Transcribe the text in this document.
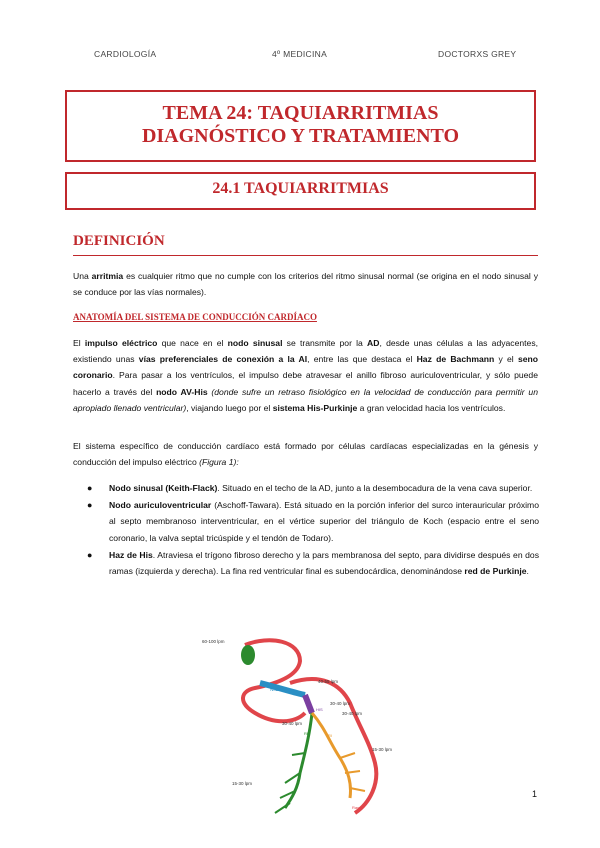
CARDIOLOGÍA	4º MEDICINA	DOCTORXS GREY
TEMA 24: TAQUIARRITMIAS
DIAGNÓSTICO Y TRATAMIENTO
24.1 TAQUIARRITMIAS
DEFINICIÓN
Una arritmia es cualquier ritmo que no cumple con los criterios del ritmo sinusal normal (se origina en el nodo sinusal y se conduce por las vías normales).
ANATOMÍA DEL SISTEMA DE CONDUCCIÓN CARDÍACO
El impulso eléctrico que nace en el nodo sinusal se transmite por la AD, desde unas células a las adyacentes, existiendo unas vías preferenciales de conexión a la AI, entre las que destaca el Haz de Bachmann y el seno coronario. Para pasar a los ventrículos, el impulso debe atravesar el anillo fibroso auriculoventricular, y sólo puede hacerlo a través del nodo AV-His (donde sufre un retraso fisiológico en la velocidad de conducción para permitir un apropiado llenado ventricular), viajando luego por el sistema His-Purkinje a gran velocidad hacia los ventrículos.
El sistema específico de conducción cardíaco está formado por células cardíacas especializadas en la génesis y conducción del impulso eléctrico (Figura 1):
● Nodo sinusal (Keith-Flack). Situado en el techo de la AD, junto a la desembocadura de la vena cava superior.
● Nodo auriculoventricular (Aschoff-Tawara). Está situado en la porción inferior del surco interauricular próximo al septo membranoso interventricular, en el vértice superior del triángulo de Koch (espacio entre el seno coronario, la valva septal tricúspide y el tendón de Todaro).
● Haz de His. Atraviesa el trígono fibroso derecho y la pars membranosa del septo, para dividirse después en dos ramas (izquierda y derecha). La fina red ventricular final es subendocárdica, denominándose red de Purkinje.
60-100 lpm
Nodo sinusal
Nodo AV
40-55 lpm
30-40 lpm
30-40 lpm
30-40 lpm
15-30 lpm
15-30 lpm
HIS
RD	RI
Rama
1
